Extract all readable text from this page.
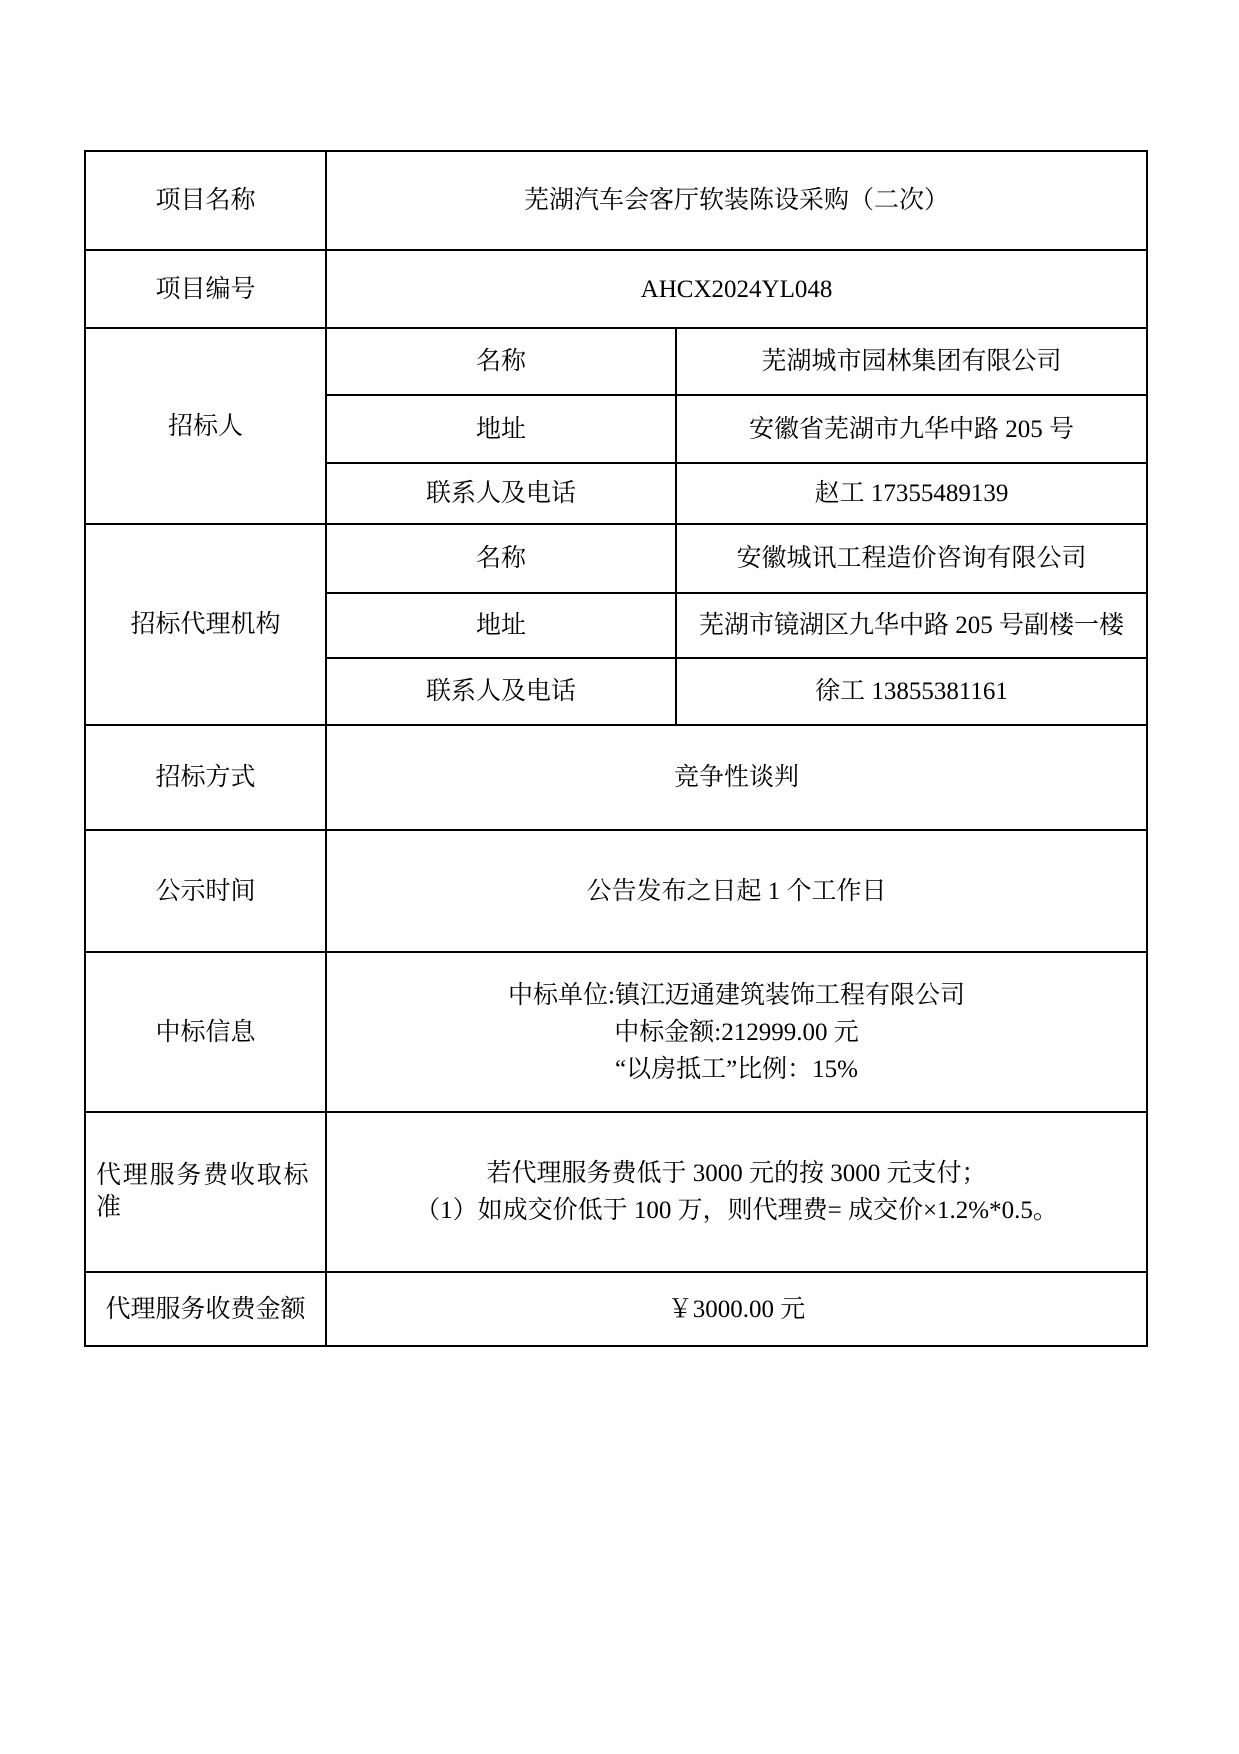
项目名称	芜湖汽车会客厅软装陈设采购（二次）	
项目编号	AHCX2024YL048	
招标人	名称	芜湖城市园林集团有限公司
	地址	安徽省芜湖市九华中路 205 号
	联系人及电话	赵工 17355489139
招标代理机构	名称	安徽城讯工程造价咨询有限公司
	地址	芜湖市镜湖区九华中路 205 号副楼一楼
	联系人及电话	徐工 13855381161
招标方式	竞争性谈判	
公示时间	公告发布之日起 1 个工作日	
中标信息	中标单位:镇江迈通建筑装饰工程有限公司
中标金额:212999.00 元
“以房抵工”比例：15%	

代理服务费收取标准	若代理服务费低于 3000 元的按 3000 元支付；
（1）如成交价低于 100 万，则代理费= 成交价×1.2%*0.5。	

代理服务收费金额	￥3000.00 元	
